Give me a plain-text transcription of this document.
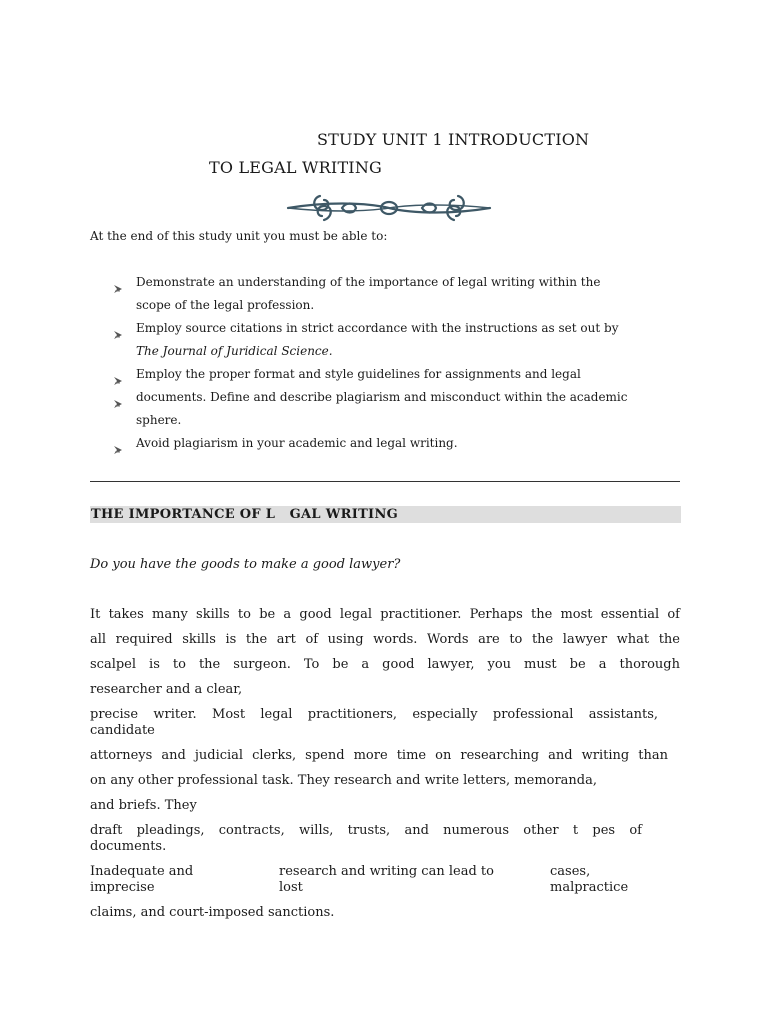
STUDY UNIT 1 INTRODUCTION
TO LEGAL WRITING
At the end of this study unit you must be able to:
Demonstrate an understanding of the importance of legal writing within the
scope of the legal profession.
Employ source citations in strict accordance with the instructions as set out by
The Journal of Juridical Science.
Employ the proper format and style guidelines for assignments and legal
documents. Define and describe plagiarism and misconduct within the academic
sphere.
Avoid plagiarism in your academic and legal writing.
THE IMPORTANCE OF L   GAL WRITING
Do you have the goods to make a good lawyer?
It takes many skills to be a good legal practitioner. Perhaps the most essential of
all required skills is the art of using words. Words are to the lawyer what the
scalpel is to the surgeon. To be a good lawyer, you must be a thorough
researcher and a clear,
precise writer. Most legal practitioners, especially professional assistants,
candidate
attorneys and judicial clerks, spend more time on researching and writing than
on any other professional task. They research and write letters, memoranda,
and briefs. They
draft pleadings, contracts, wills, trusts, and numerous other t pes of
documents.
Inadequate and
imprecise
research and writing can lead to
lost
cases,
malpractice
claims, and court-imposed sanctions.
